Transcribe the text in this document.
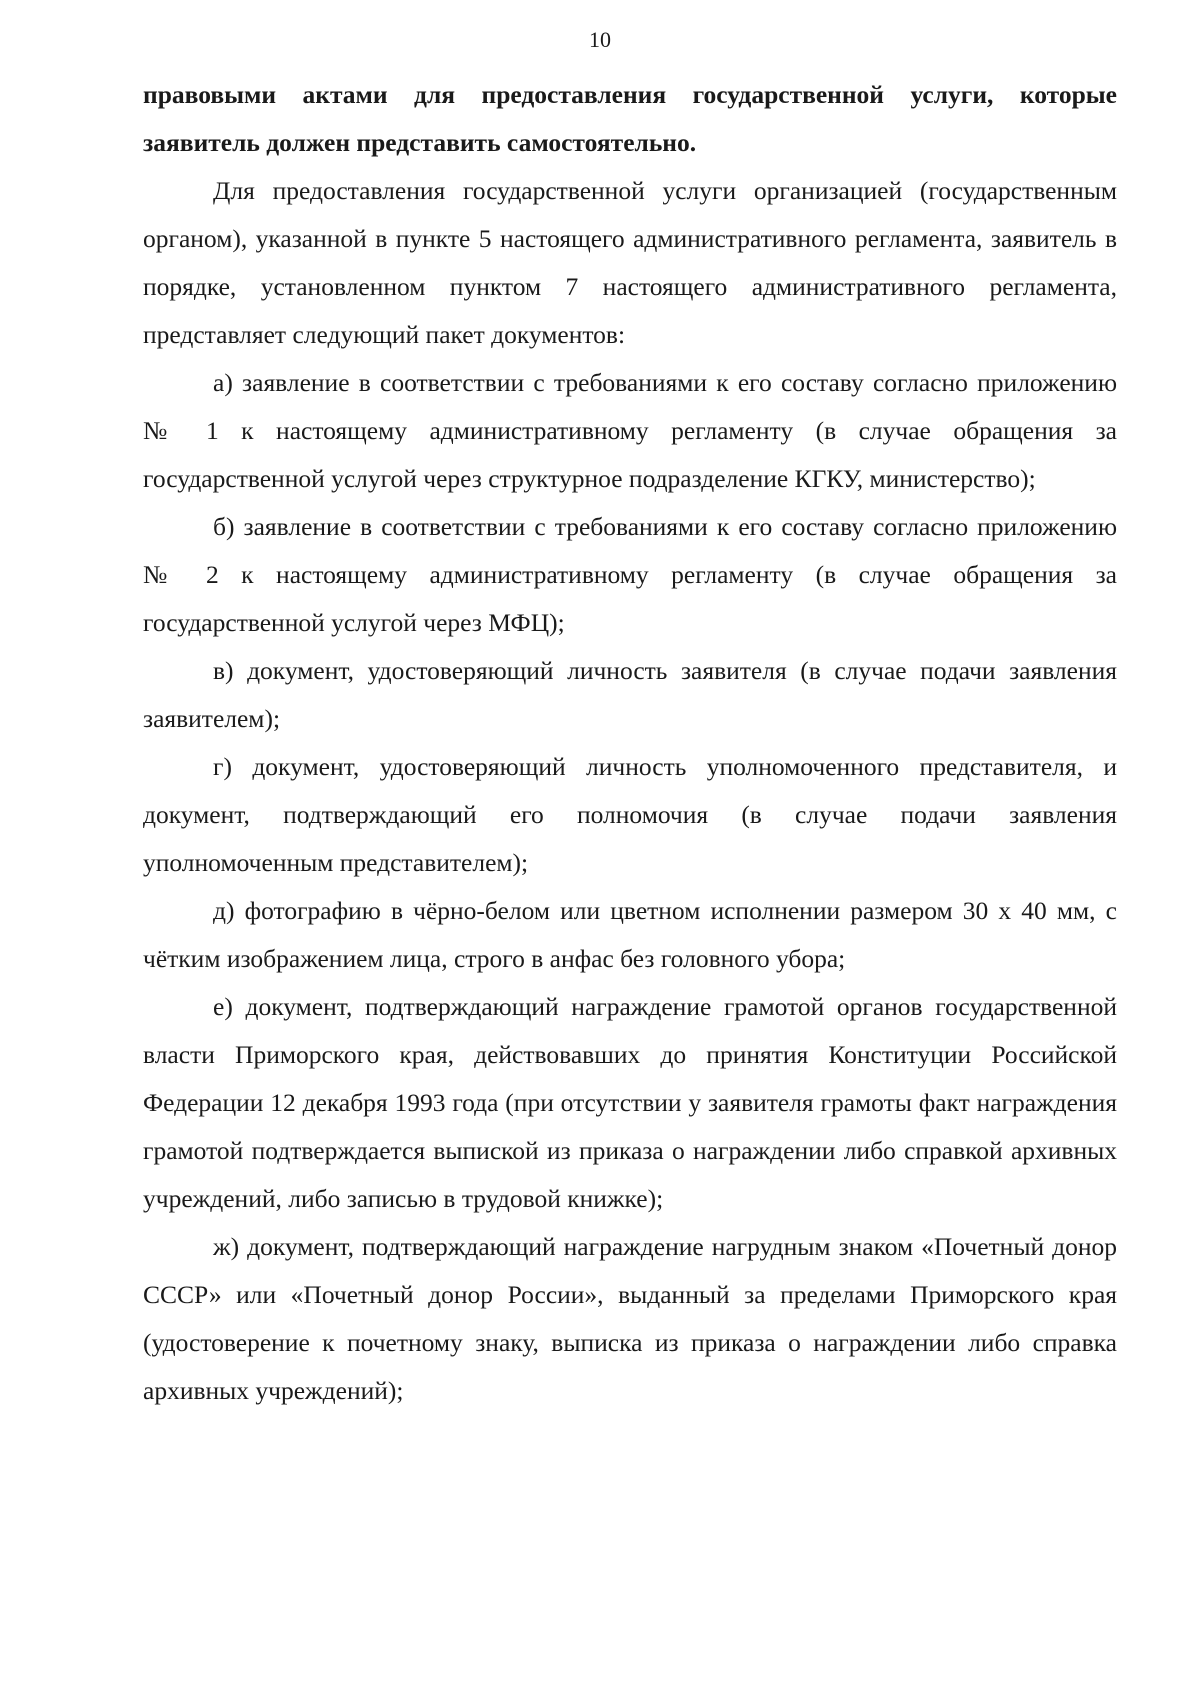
10

правовыми актами для предоставления государственной услуги, которые заявитель должен представить самостоятельно.

Для предоставления государственной услуги организацией (государственным органом), указанной в пункте 5 настоящего административного регламента, заявитель в порядке, установленном пунктом 7 настоящего административного регламента, представляет следующий пакет документов:

а) заявление в соответствии с требованиями к его составу согласно приложению № 1 к настоящему административному регламенту (в случае обращения за государственной услугой через структурное подразделение КГКУ, министерство);

б) заявление в соответствии с требованиями к его составу согласно приложению № 2 к настоящему административному регламенту (в случае обращения за государственной услугой через МФЦ);

в) документ, удостоверяющий личность заявителя (в случае подачи заявления заявителем);

г) документ, удостоверяющий личность уполномоченного представителя, и документ, подтверждающий его полномочия (в случае подачи заявления уполномоченным представителем);

д) фотографию в чёрно-белом или цветном исполнении размером 30 х 40 мм, с чётким изображением лица, строго в анфас без головного убора;

е) документ, подтверждающий награждение грамотой органов государственной власти Приморского края, действовавших до принятия Конституции Российской Федерации 12 декабря 1993 года (при отсутствии у заявителя грамоты факт награждения грамотой подтверждается выпиской из приказа о награждении либо справкой архивных учреждений, либо записью в трудовой книжке);

ж) документ, подтверждающий награждение нагрудным знаком «Почетный донор СССР» или «Почетный донор России», выданный за пределами Приморского края (удостоверение к почетному знаку, выписка из приказа о награждении либо справка архивных учреждений);
